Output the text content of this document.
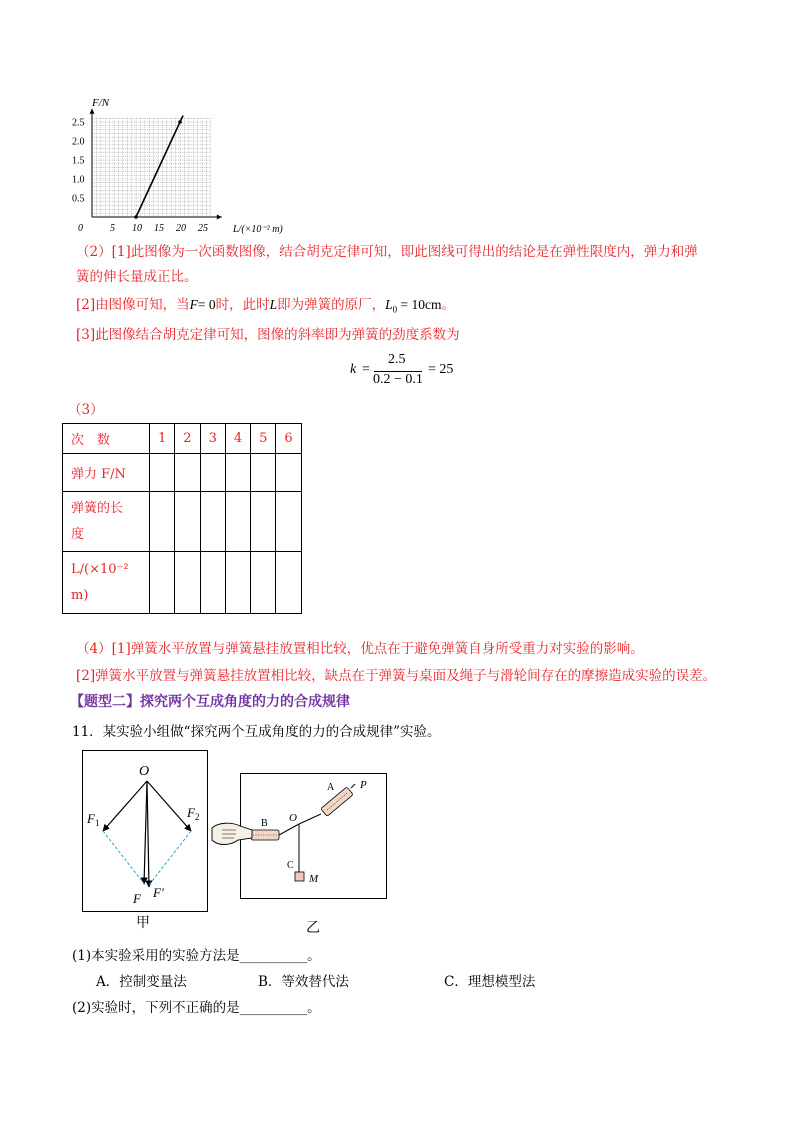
0	5 10 15 20 25
0.5
1.0
1.5
2.0
2.5
F/N
L/(×10⁻² m)
（2）[1]此图像为一次函数图像，结合胡克定律可知，即此图线可得出的结论是在弹性限度内，弹力和弹
簧的伸长量成正比。
[2]由图像可知，当F= 0时，此时L即为弹簧的原厂，$L_0 = 10cm$。
[3]此图像结合胡克定律可知，图像的斜率即为弹簧的劲度系数为
k =
2.5
0.2 − 0.1
= 25
（3）
次　数	1	2	3	4	5	6
弹力 F/N						
弹簧的长
度						
L/(×10⁻²
m)						
（4）[1]弹簧水平放置与弹簧悬挂放置相比较，优点在于避免弹簧自身所受重力对实验的影响。
[2]弹簧水平放置与弹簧悬挂放置相比较，缺点在于弹簧与桌面及绳子与滑轮间存在的摩擦造成实验的误差。
【题型二】探究两个互成角度的力的合成规律
11．某实验小组做“探究两个互成角度的力的合成规律”实验。
O
$F_1$
$F_2$
F F′
甲
A P
B O
C
M
乙
(1)本实验采用的实验方法是__________。
A．控制变量法	B．等效替代法	C．理想模型法
(2)实验时，下列不正确的是__________。
